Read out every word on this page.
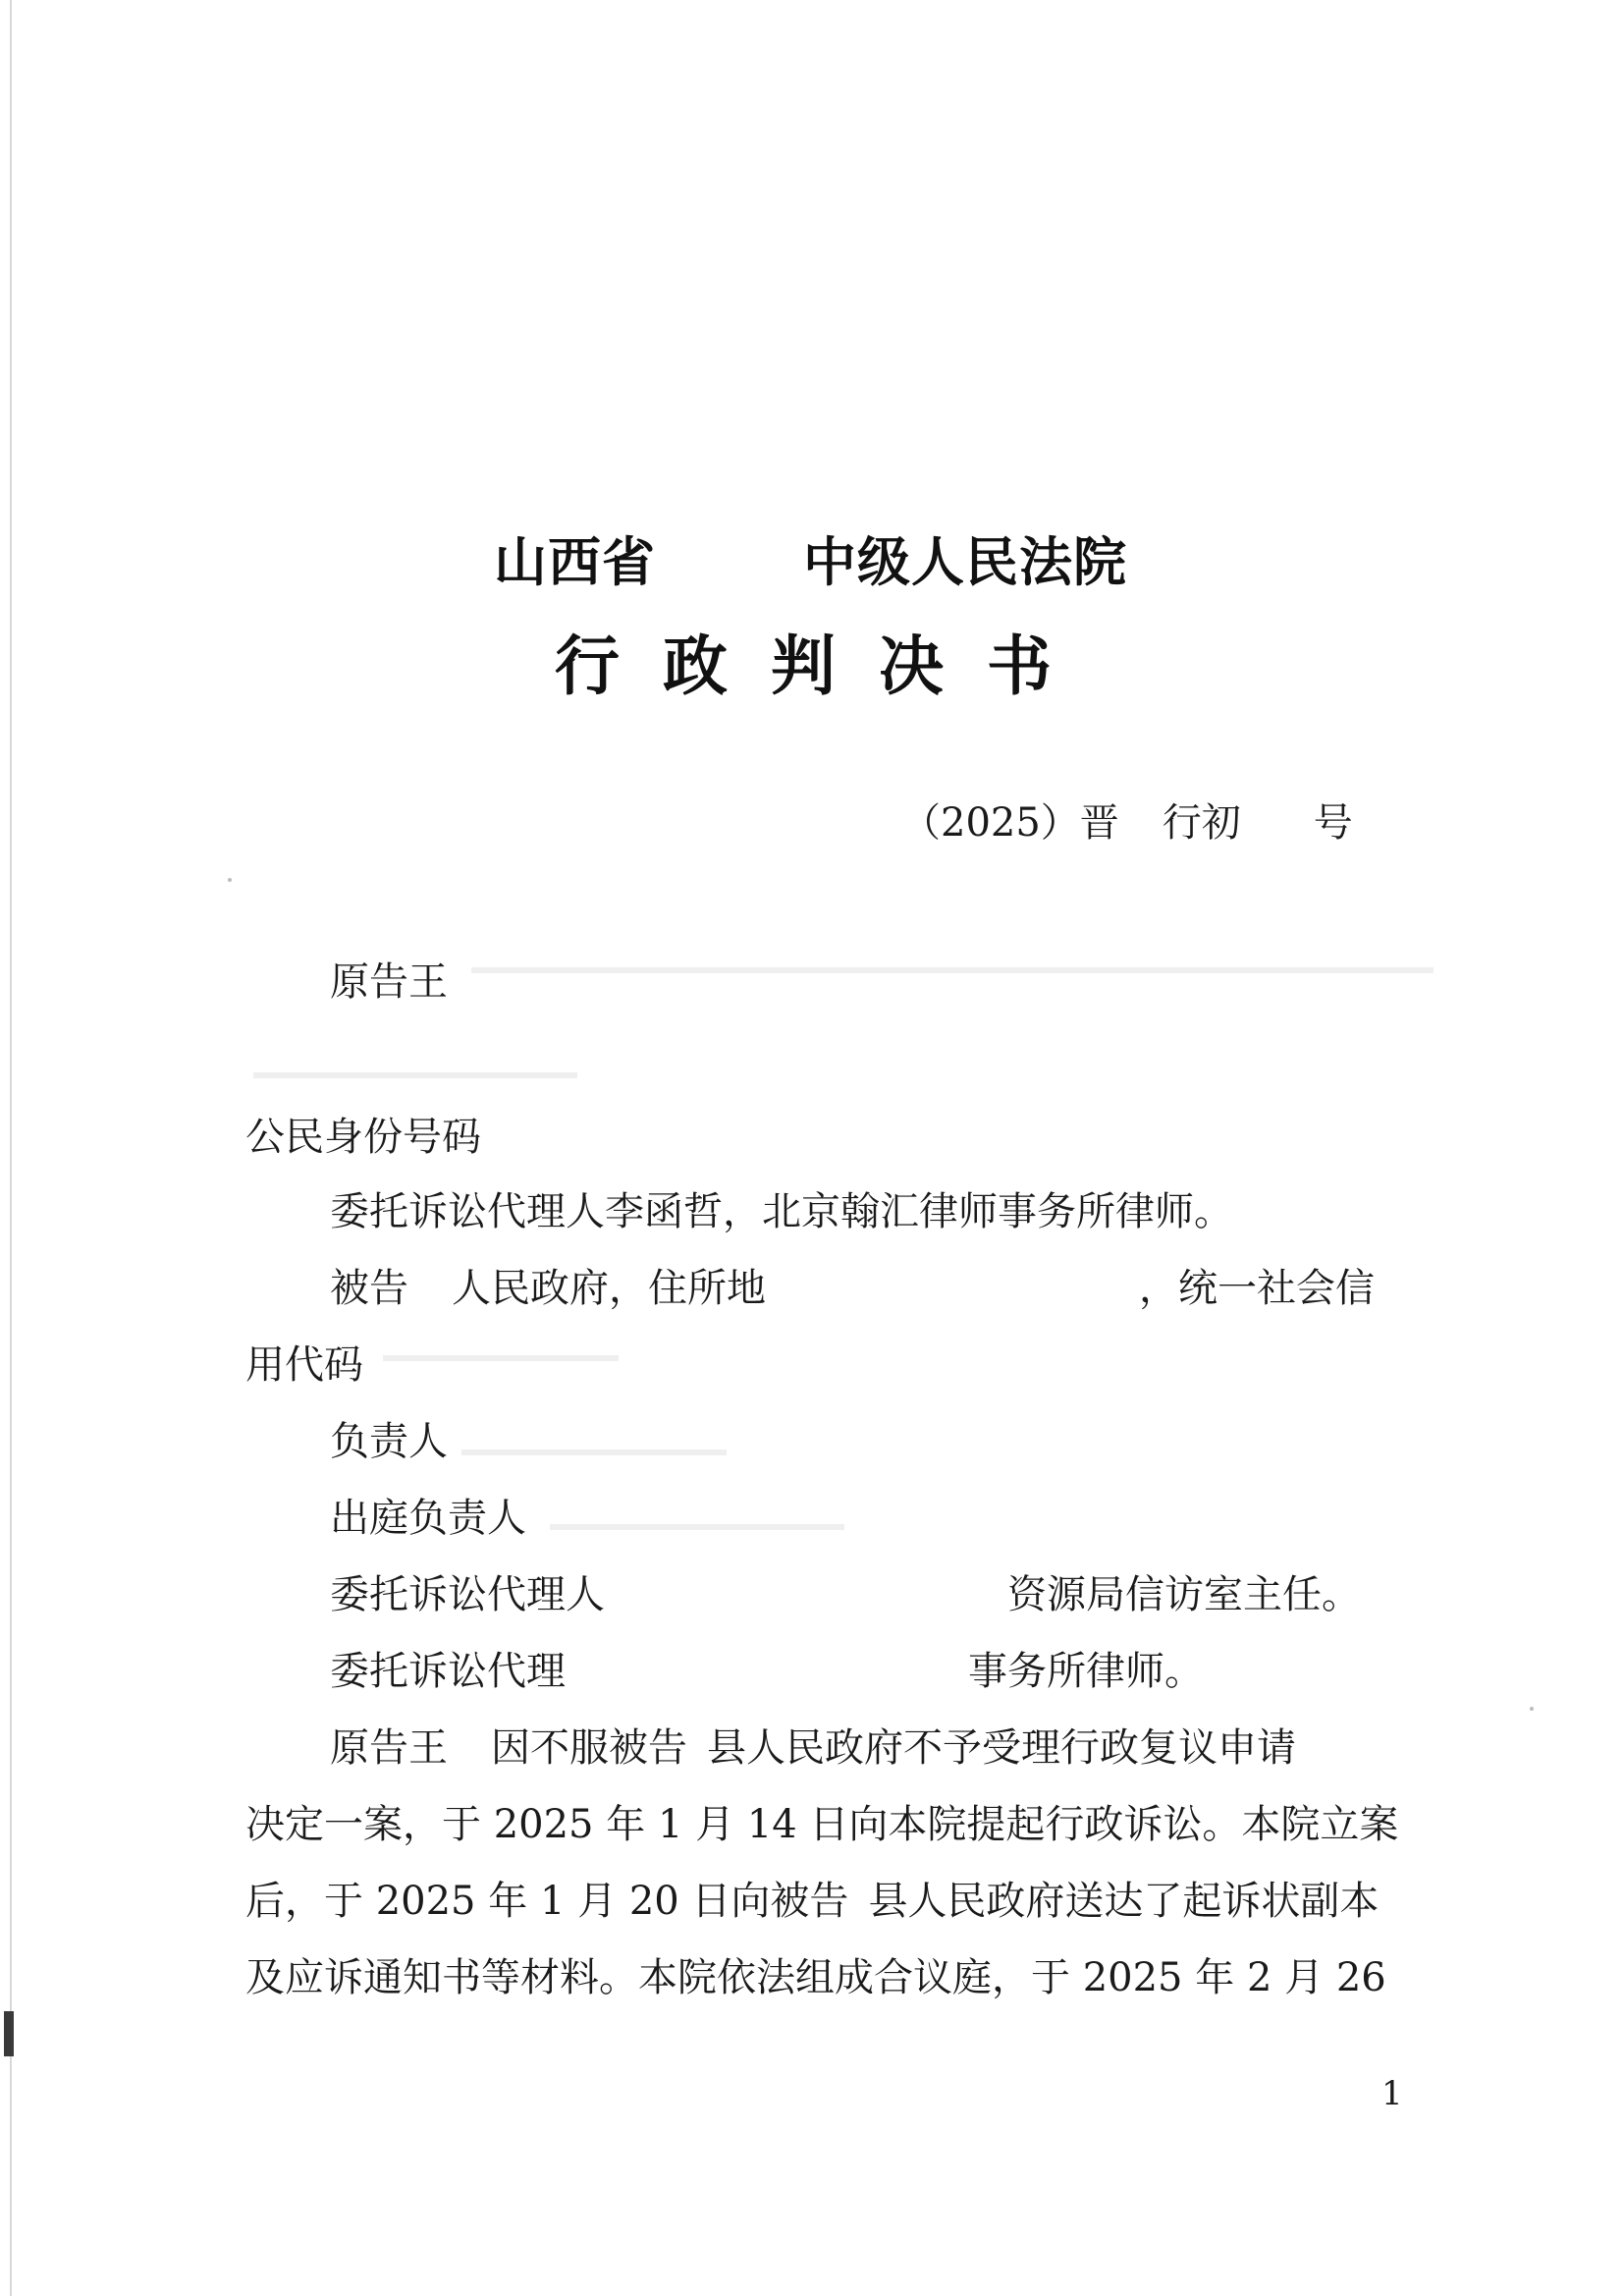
山西省	中级人民法院
行政判决书
（2025）晋 行初 号
原告王
公民身份号码
委托诉讼代理人李函哲，北京翰汇律师事务所律师。
被告 人民政府，住所地	，统一社会信
用代码
负责人
出庭负责人
委托诉讼代理人	资源局信访室主任。
委托诉讼代理	事务所律师。
原告王 因不服被告 县人民政府不予受理行政复议申请
决定一案，于 2025 年 1 月 14 日向本院提起行政诉讼。本院立案
后，于 2025 年 1 月 20 日向被告 县人民政府送达了起诉状副本
及应诉通知书等材料。本院依法组成合议庭，于 2025 年 2 月 26
1
